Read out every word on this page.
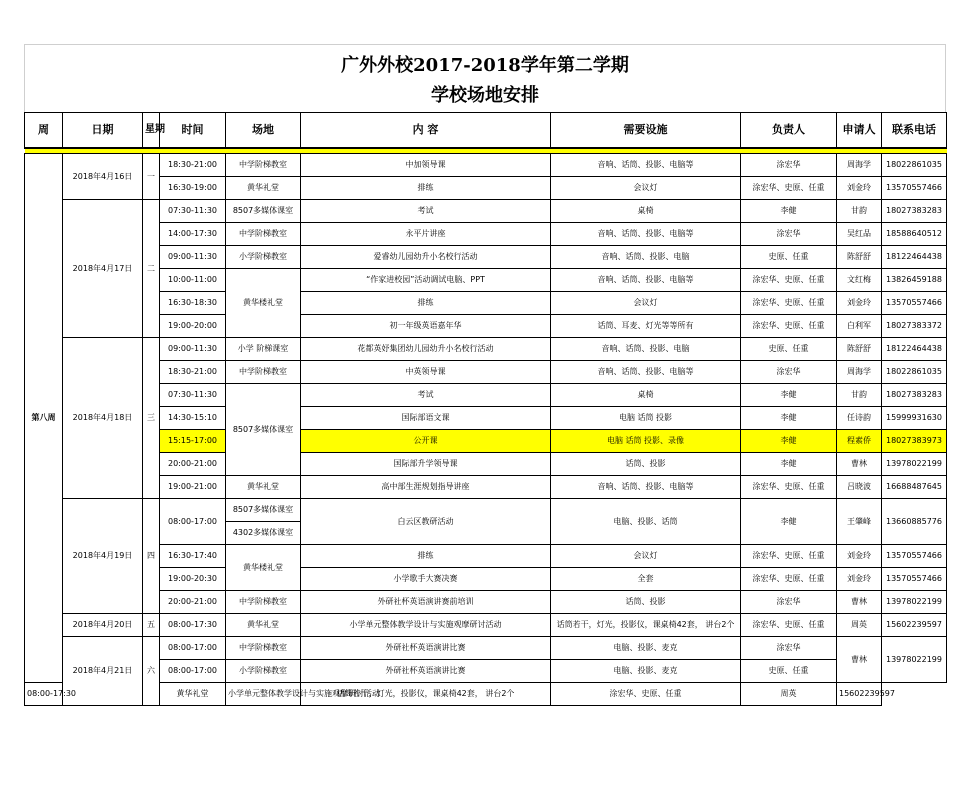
广外外校2017-2018学年第二学期
学校场地安排
周	日期	星期	时间	场地	内 容	需要设施	负责人	申请人	联系电话

第八周	2018年4月16日	一	18:30-21:00	中学阶梯教室	中加领导课	音响、话筒、投影、电脑等	涂宏华	周海学	18022861035
			16:30-19:00	黄华礼堂	排练	会议灯	涂宏华、史原、任重	刘金玲	13570557466
	2018年4月17日	二	07:30-11:30	8507多媒体课室	考试	桌椅	李健	甘韵	18027383283
			14:00-17:30	中学阶梯教室	永平片讲座	音响、话筒、投影、电脑等	涂宏华	吴红品	18588640512
			09:00-11:30	小学阶梯教室	爱睿幼儿园幼升小名校行活动	音响、话筒、投影、电脑	史原、任重	陈舒舒	18122464438
			10:00-11:00	黄华楼礼堂	“作家进校园”活动调试电脑、PPT	音响、话筒、投影、电脑等	涂宏华、史原、任重	文红梅	13826459188
			16:30-18:30		排练	会议灯	涂宏华、史原、任重	刘金玲	13570557466
			19:00-20:00		初一年级英语嘉年华	话筒、耳麦、灯光等等所有	涂宏华、史原、任重	白利军	18027383372
	2018年4月18日	三	09:00-11:30	小学 阶梯课室	花都英妤集团幼儿园幼升小名校行活动	音响、话筒、投影、电脑	史原、任重	陈舒舒	18122464438
			18:30-21:00	中学阶梯教室	中英领导课	音响、话筒、投影、电脑等	涂宏华	周海学	18022861035
			07:30-11:30	8507多媒体课室	考试	桌椅	李健	甘韵	18027383283
			14:30-15:10		国际部语文课	电脑 话筒 投影	李健	任诗韵	15999931630
			15:15-17:00		公开课	电脑 话筒 投影、录像	李健	程素侨	18027383973
			20:00-21:00		国际部升学领导课	话筒、投影	李健	曹林	13978022199
			19:00-21:00	黄华礼堂	高中部生涯规划指导讲座	音响、话筒、投影、电脑等	涂宏华、史原、任重	吕晓波	16688487645
	2018年4月19日	四	08:00-17:00	8507多媒体课室	白云区教研活动	电脑、投影、话筒	李健	王肇峰	13660885776
				4302多媒体课室					
			16:30-17:40	黄华楼礼堂	排练	会议灯	涂宏华、史原、任重	刘金玲	13570557466
			19:00-20:30		小学歌手大赛决赛	全套	涂宏华、史原、任重	刘金玲	13570557466
			20:00-21:00	中学阶梯教室	外研社杯英语演讲赛前培训	话筒、投影	涂宏华	曹林	13978022199
	2018年4月20日	五	08:00-17:30	黄华礼堂	小学单元整体教学设计与实施观摩研讨活动	话筒若干，灯光，投影仪，课桌椅42套， 讲台2个	涂宏华、史原、任重	周英	15602239597
	2018年4月21日	六	08:00-17:00	中学阶梯教室	外研社杯英语演讲比赛	电脑、投影、麦克	涂宏华	曹林	13978022199
			08:00-17:00	小学阶梯教室	外研社杯英语演讲比赛	电脑、投影、麦克	史原、任重		
08:00-17:30			黄华礼堂	小学单元整体教学设计与实施观摩研讨活动	话筒若干，灯光，投影仪，课桌椅42套， 讲台2个	涂宏华、史原、任重	周英	15602239597	
